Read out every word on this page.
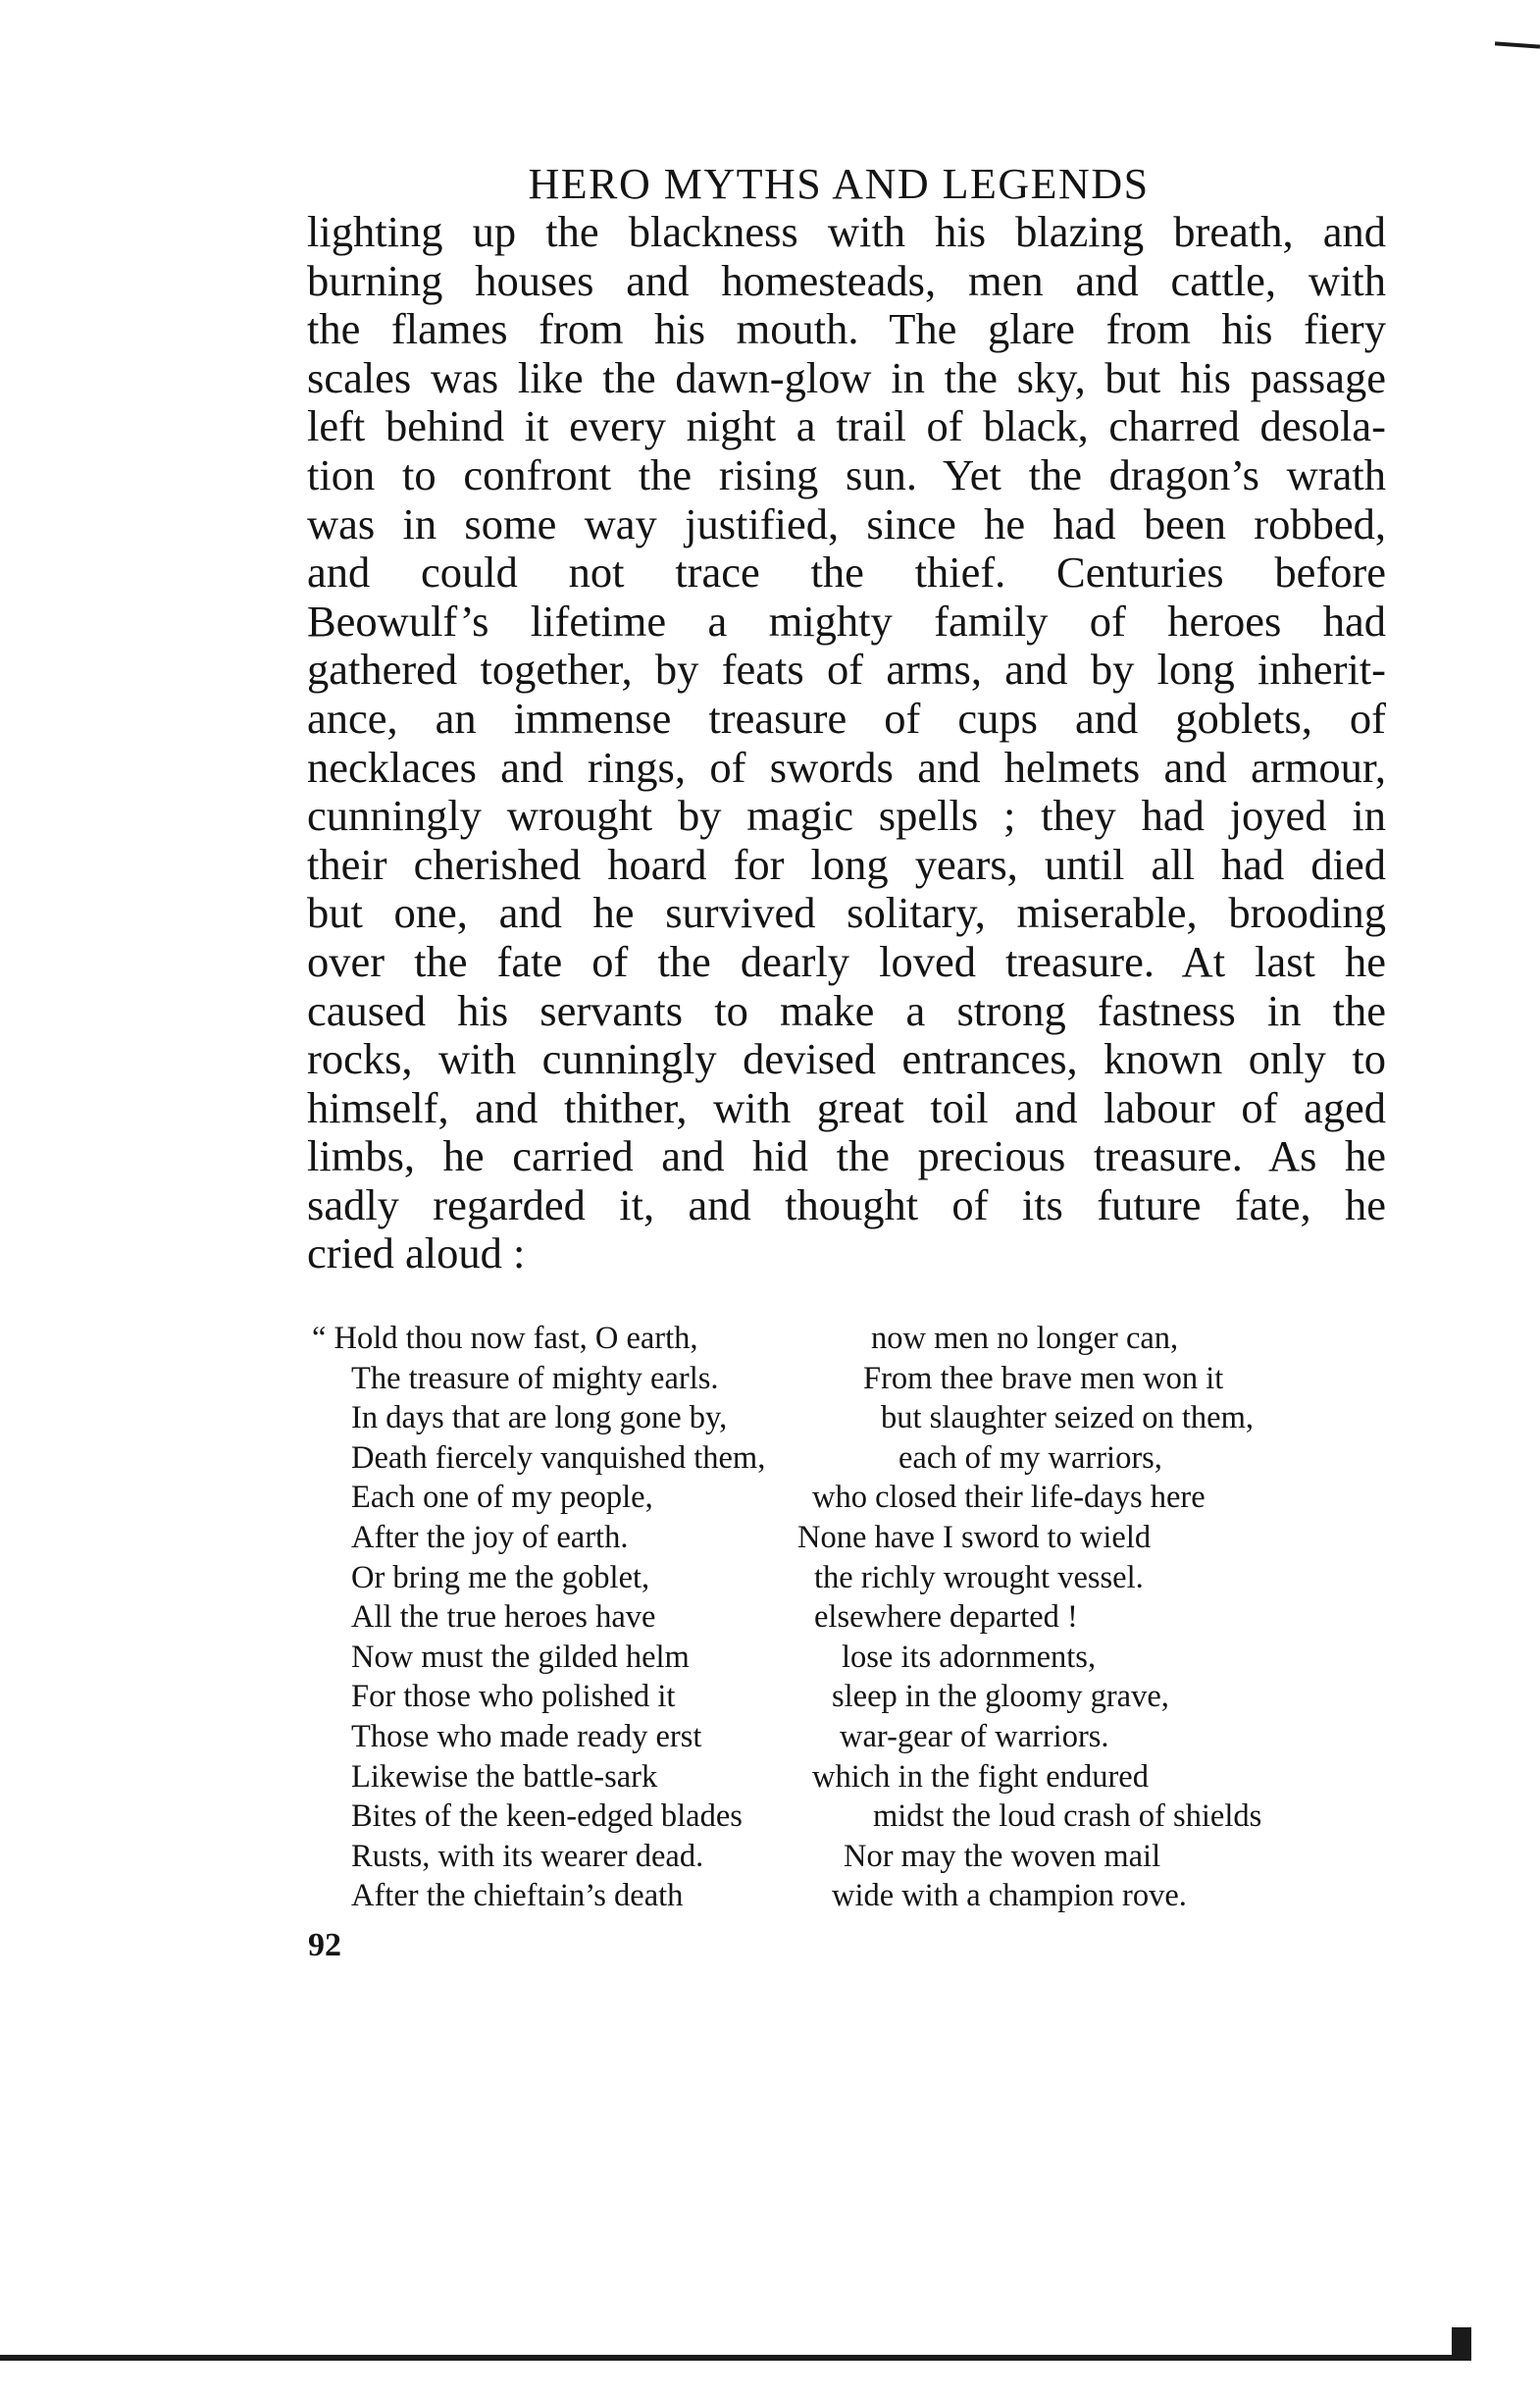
HERO MYTHS AND LEGENDS
lighting up the blackness with his blazing breath, and
burning houses and homesteads, men and cattle, with
the flames from his mouth. The glare from his fiery
scales was like the dawn-glow in the sky, but his passage
left behind it every night a trail of black, charred desola-
tion to confront the rising sun. Yet the dragon’s wrath
was in some way justified, since he had been robbed,
and could not trace the thief. Centuries before
Beowulf’s lifetime a mighty family of heroes had
gathered together, by feats of arms, and by long inherit-
ance, an immense treasure of cups and goblets, of
necklaces and rings, of swords and helmets and armour,
cunningly wrought by magic spells ; they had joyed in
their cherished hoard for long years, until all had died
but one, and he survived solitary, miserable, brooding
over the fate of the dearly loved treasure. At last he
caused his servants to make a strong fastness in the
rocks, with cunningly devised entrances, known only to
himself, and thither, with great toil and labour of aged
limbs, he carried and hid the precious treasure. As he
sadly regarded it, and thought of its future fate, he
cried aloud :
“ Hold thou now fast, O earth,	now men no longer can,
The treasure of mighty earls.	From thee brave men won it
In days that are long gone by,	but slaughter seized on them,
Death fiercely vanquished them,	each of my warriors,
Each one of my people,	who closed their life-days here
After the joy of earth.	None have I sword to wield
Or bring me the goblet,	the richly wrought vessel.
All the true heroes have	elsewhere departed !
Now must the gilded helm	lose its adornments,
For those who polished it	sleep in the gloomy grave,
Those who made ready erst	war-gear of warriors.
Likewise the battle-sark	which in the fight endured
Bites of the keen-edged blades	midst the loud crash of shields
Rusts, with its wearer dead.	Nor may the woven mail
After the chieftain’s death	wide with a champion rove.
92
